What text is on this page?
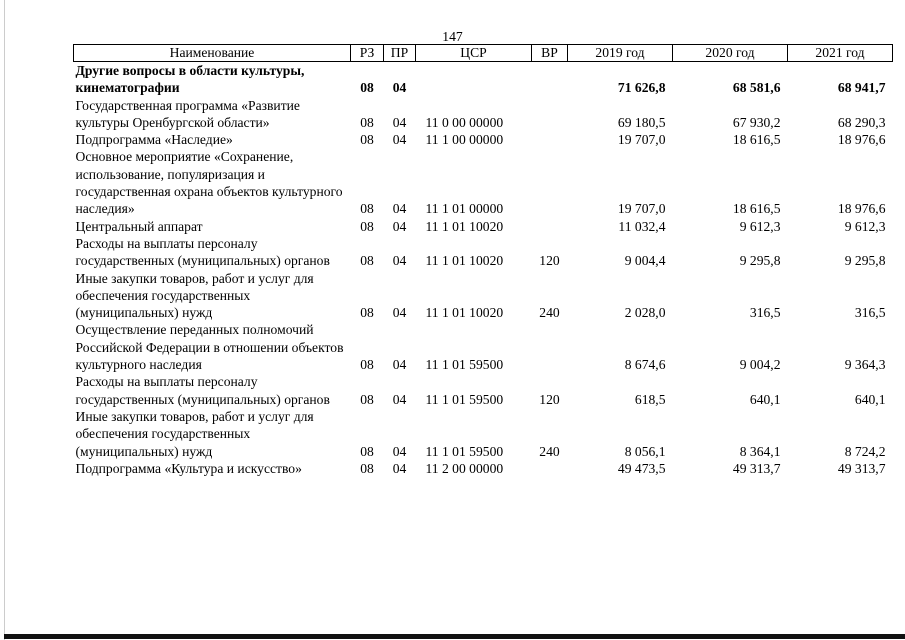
147
Наименование	РЗ	ПР	ЦСР	ВР	2019 год	2020 год	2021 год
Другие вопросы в области культуры, кинематографии	08	04			71 626,8	68 581,6	68 941,7
Государственная программа «Развитие культуры Оренбургской области»	08	04	11 0 00 00000		69 180,5	67 930,2	68 290,3
Подпрограмма «Наследие»	08	04	11 1 00 00000		19 707,0	18 616,5	18 976,6
Основное мероприятие «Сохранение, использование, популяризация и государственная охрана объектов культурного наследия»	08	04	11 1 01 00000		19 707,0	18 616,5	18 976,6
Центральный аппарат	08	04	11 1 01 10020		11 032,4	9 612,3	9 612,3
Расходы на выплаты персоналу государственных (муниципальных) органов	08	04	11 1 01 10020	120	9 004,4	9 295,8	9 295,8
Иные закупки товаров, работ и услуг для обеспечения государственных (муниципальных) нужд	08	04	11 1 01 10020	240	2 028,0	316,5	316,5
Осуществление переданных полномочий Российской Федерации в отношении объектов культурного наследия	08	04	11 1 01 59500		8 674,6	9 004,2	9 364,3
Расходы на выплаты персоналу государственных (муниципальных) органов	08	04	11 1 01 59500	120	618,5	640,1	640,1
Иные закупки товаров, работ и услуг для обеспечения государственных (муниципальных) нужд	08	04	11 1 01 59500	240	8 056,1	8 364,1	8 724,2
Подпрограмма «Культура и искусство»	08	04	11 2 00 00000		49 473,5	49 313,7	49 313,7
